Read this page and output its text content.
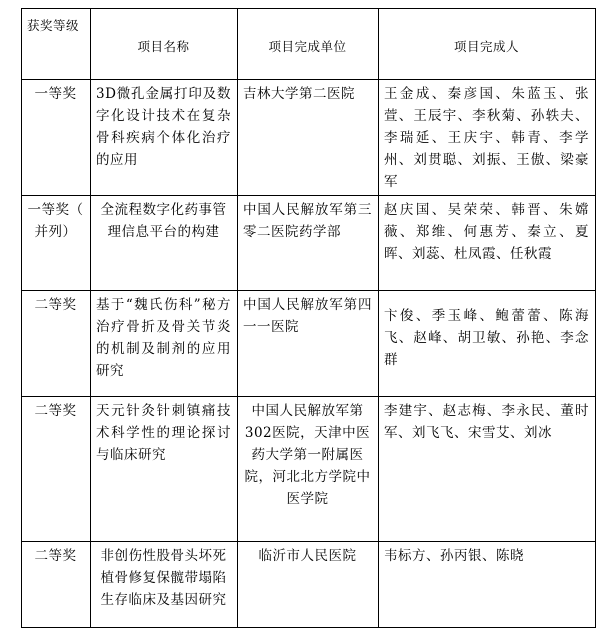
获奖等级	项目名称	项目完成单位	项目完成人
一等奖	3D微孔金属打印及数字化设计技术在复杂骨科疾病个体化治疗的应用	吉林大学第二医院	王金成、秦彦国、朱蓝玉、张萱、王辰宇、李秋菊、孙轶夫、李瑞延、王庆宇、韩青、李学州、刘贯聪、刘振、王傲、梁豪军
一等奖（ 并列）	全流程数字化药事管理信息平台的构建	中国人民解放军第三零二医院药学部	赵庆国、吴荣荣、韩晋、朱嫦薇、郑维、何惠芳、秦立、夏晖、刘蕊、杜凤霞、任秋霞
二等奖	基于“魏氏伤科”秘方治疗骨折及骨关节炎的机制及制剂的应用研究	中国人民解放军第四一一医院	卞俊、季玉峰、鲍蕾蕾、陈海飞、赵峰、胡卫敏、孙艳、李念群
二等奖	天元针灸针刺镇痛技术科学性的理论探讨与临床研究	中国人民解放军第302医院，天津中医药大学第一附属医院，河北北方学院中医学院	李建宇、赵志梅、李永民、董时军、刘飞飞、宋雪艾、刘冰
二等奖	非创伤性股骨头坏死植骨修复保髋带塌陷生存临床及基因研究	临沂市人民医院	韦标方、孙丙银、陈晓
